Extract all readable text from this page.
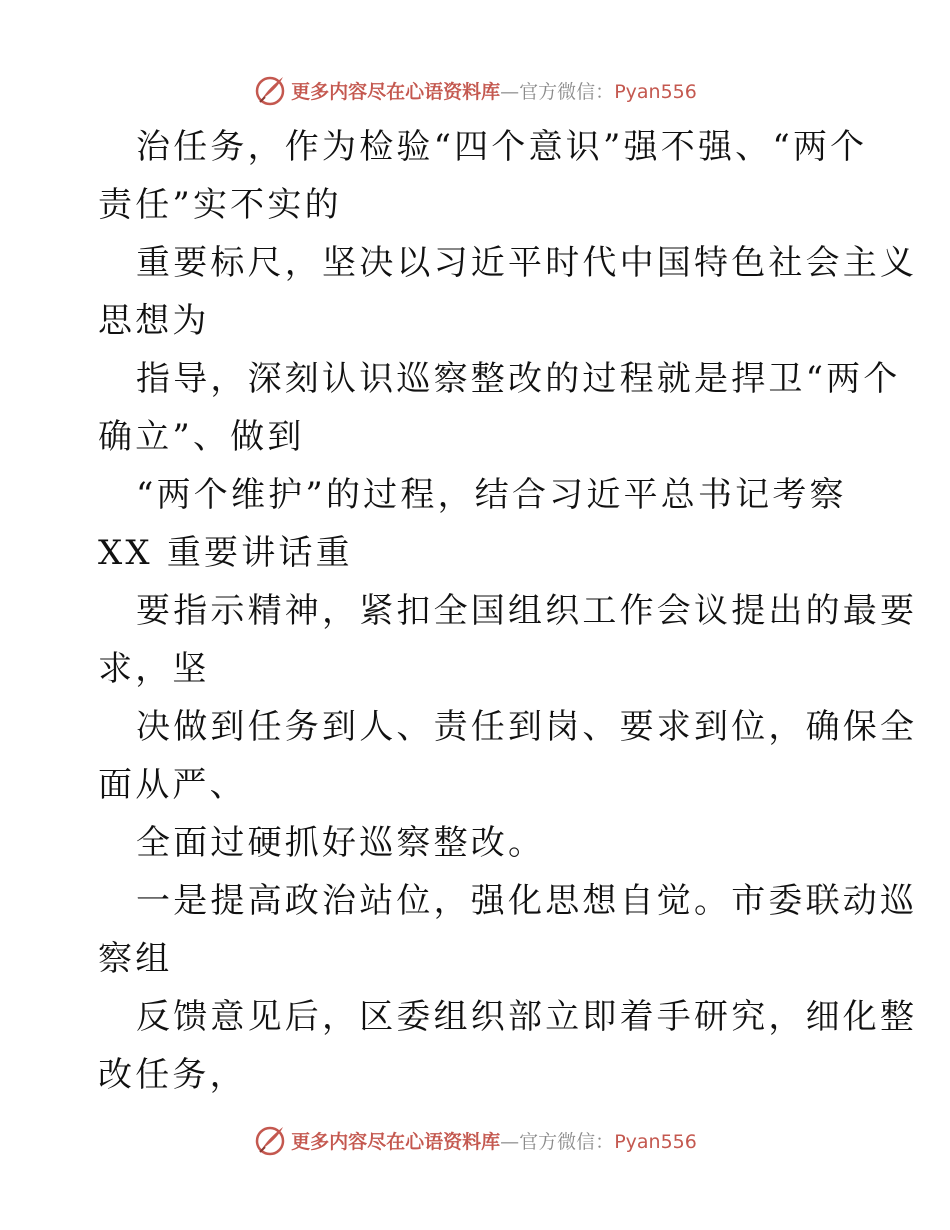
更多内容尽在心语资料库—官方微信：Pyan556
治任务，作为检验“四个意识”强不强、“两个
责任”实不实的
重要标尺，坚决以习近平时代中国特色社会主义
思想为
指导，深刻认识巡察整改的过程就是捍卫“两个
确立”、做到
“两个维护”的过程，结合习近平总书记考察
XX 重要讲话重
要指示精神，紧扣全国组织工作会议提出的最要
求，坚
决做到任务到人、责任到岗、要求到位，确保全
面从严、
全面过硬抓好巡察整改。
一是提高政治站位，强化思想自觉。市委联动巡
察组
反馈意见后，区委组织部立即着手研究，细化整
改任务，
更多内容尽在心语资料库—官方微信：Pyan556
